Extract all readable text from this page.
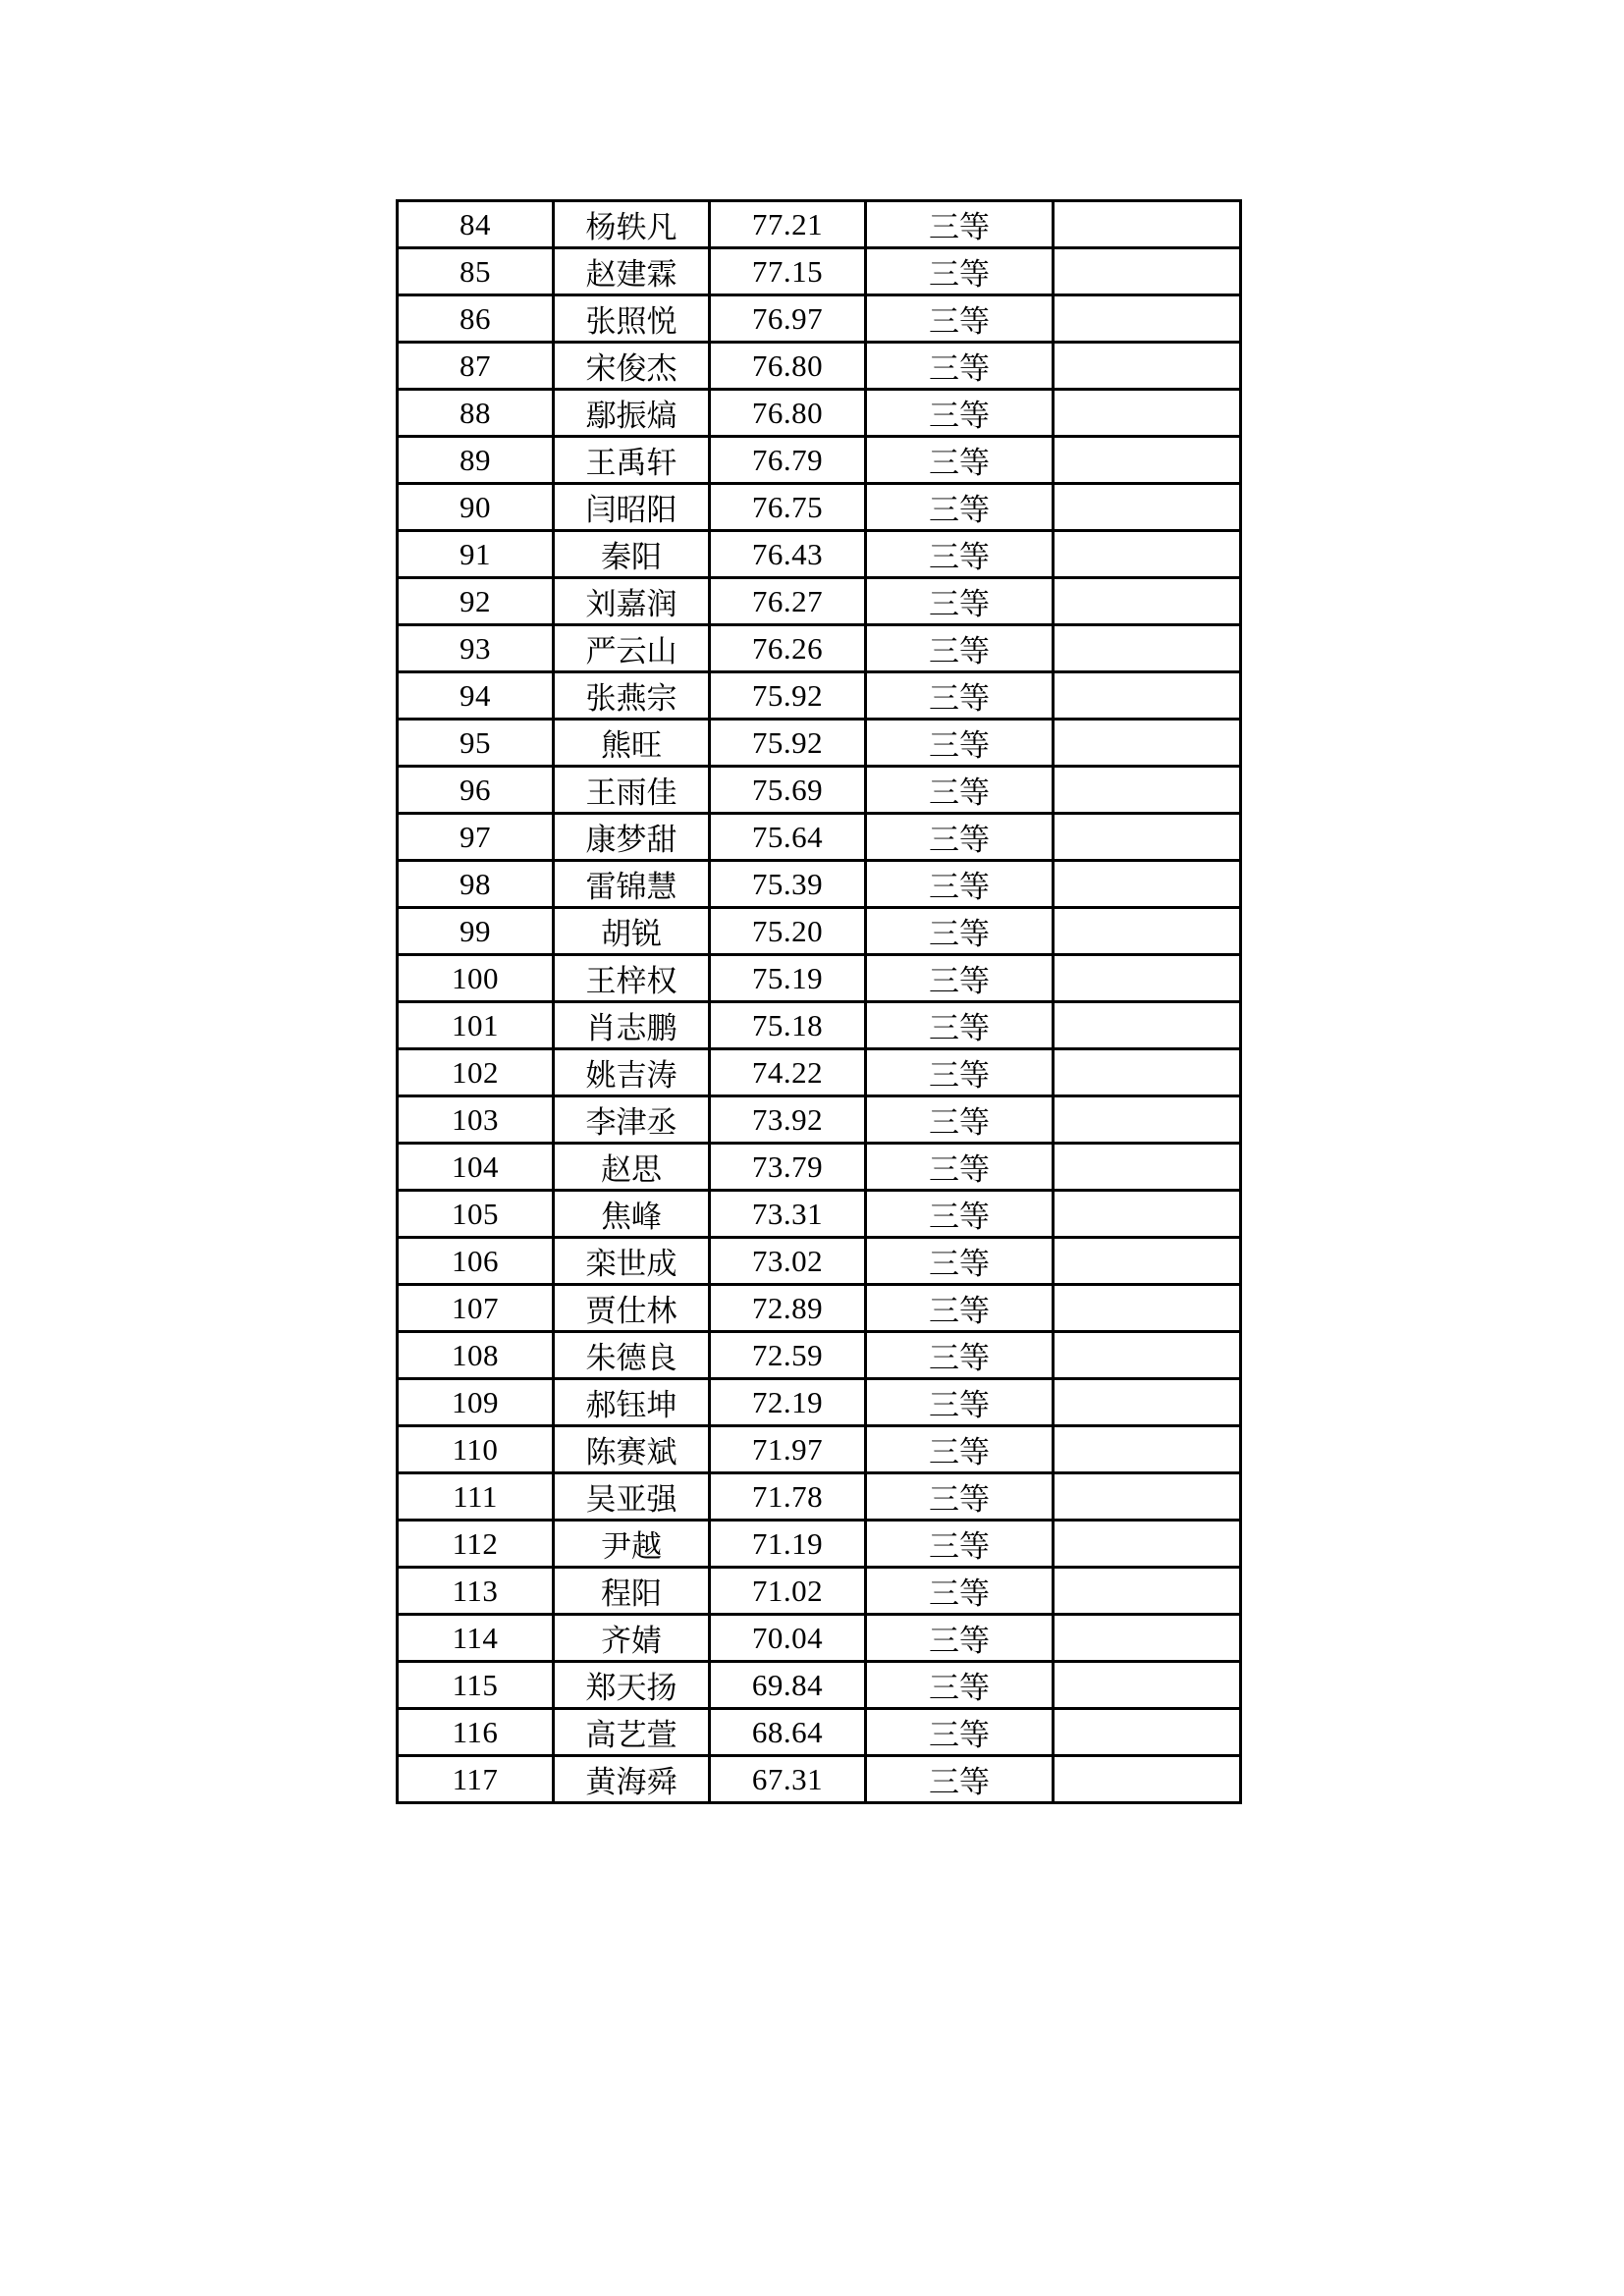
84	杨轶凡	77.21	三等	
85	赵建霖	77.15	三等	
86	张照悦	76.97	三等	
87	宋俊杰	76.80	三等	
88	鄢振熇	76.80	三等	
89	王禹轩	76.79	三等	
90	闫昭阳	76.75	三等	
91	秦阳	76.43	三等	
92	刘嘉润	76.27	三等	
93	严云山	76.26	三等	
94	张燕宗	75.92	三等	
95	熊旺	75.92	三等	
96	王雨佳	75.69	三等	
97	康梦甜	75.64	三等	
98	雷锦慧	75.39	三等	
99	胡锐	75.20	三等	
100	王梓权	75.19	三等	
101	肖志鹏	75.18	三等	
102	姚吉涛	74.22	三等	
103	李津丞	73.92	三等	
104	赵思	73.79	三等	
105	焦峰	73.31	三等	
106	栾世成	73.02	三等	
107	贾仕林	72.89	三等	
108	朱德良	72.59	三等	
109	郝钰坤	72.19	三等	
110	陈赛斌	71.97	三等	
111	吴亚强	71.78	三等	
112	尹越	71.19	三等	
113	程阳	71.02	三等	
114	齐婧	70.04	三等	
115	郑天扬	69.84	三等	
116	高艺萱	68.64	三等	
117	黄海舜	67.31	三等	
